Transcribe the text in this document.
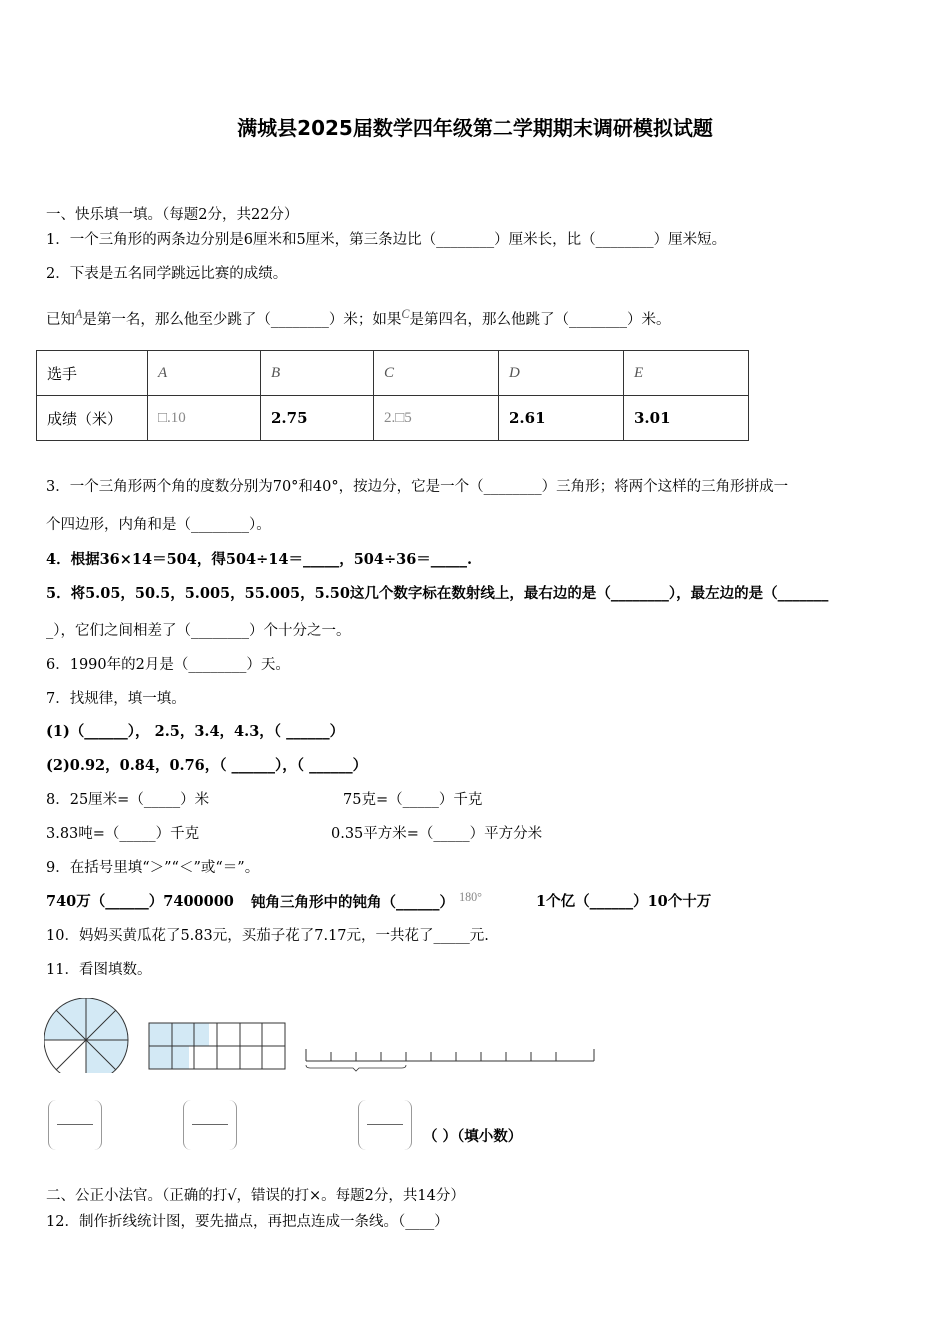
满城县2025届数学四年级第二学期期末调研模拟试题
一、快乐填一填。（每题2分，共22分）
1．一个三角形的两条边分别是6厘米和5厘米，第三条边比（________）厘米长，比（________）厘米短。
2．下表是五名同学跳远比赛的成绩。
已知$^A$是第一名，那么他至少跳了（________）米；如果$^C$是第四名，那么他跳了（________）米。
选手	A	B	C	D	E
成绩（米）	□.10	2.75	2.□5	2.61	3.01
3．一个三角形两个角的度数分别为70°和40°，按边分，它是一个（________）三角形；将两个这样的三角形拼成一
个四边形，内角和是（________）。
4．根据36×14＝504，得504÷14＝_____，504÷36＝_____.
5．将5.05，50.5，5.005，55.005，5.50这几个数字标在数射线上，最右边的是（________），最左边的是（_______
_），它们之间相差了（________）个十分之一。
6．1990年的2月是（________）天。
7．找规律，填一填。
(1)（______）， 2.5，3.4，4.3，（ ______）
(2)0.92，0.84，0.76，（ ______），（ ______）
8．25厘米=（_____）米	75克=（_____）千克
3.83吨=（_____）千克	0.35平方米=（_____）平方分米
9．在括号里填“＞”“＜”或“＝”。
740万（______）7400000 钝角三角形中的钝角（______） $^{180^\circ}$	1个亿（______）10个十万
10．妈妈买黄瓜花了5.83元，买茄子花了7.17元，一共花了_____元.
11．看图填数。
（ ）（填小数）
二、公正小法官。（正确的打√，错误的打×。每题2分，共14分）
12．制作折线统计图，要先描点，再把点连成一条线。（____）
